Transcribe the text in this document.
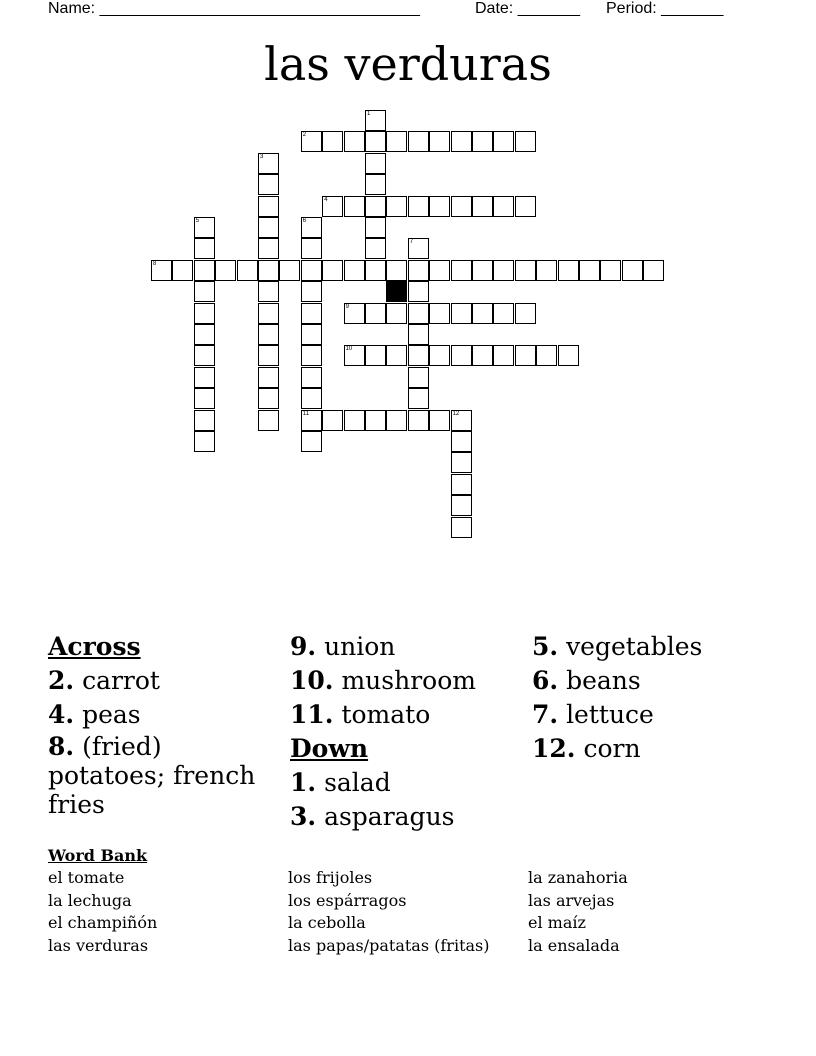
Name: ____________________________________	Date: _______ Period: _______
las verduras
1
2
3
4
5	6
11
7
8
9
10
12
Across
2. carrot
4. peas
8. (fried) potatoes; french fries
9. union
10. mushroom
11. tomato
Down
1. salad
3. asparagus
5. vegetables
6. beans
7. lettuce
12. corn
Word Bank
el tomate
la lechuga
el champiñón
las verduras
los frijoles
los espárragos
la cebolla
las papas/patatas (fritas)
la zanahoria
las arvejas
el maíz
la ensalada
